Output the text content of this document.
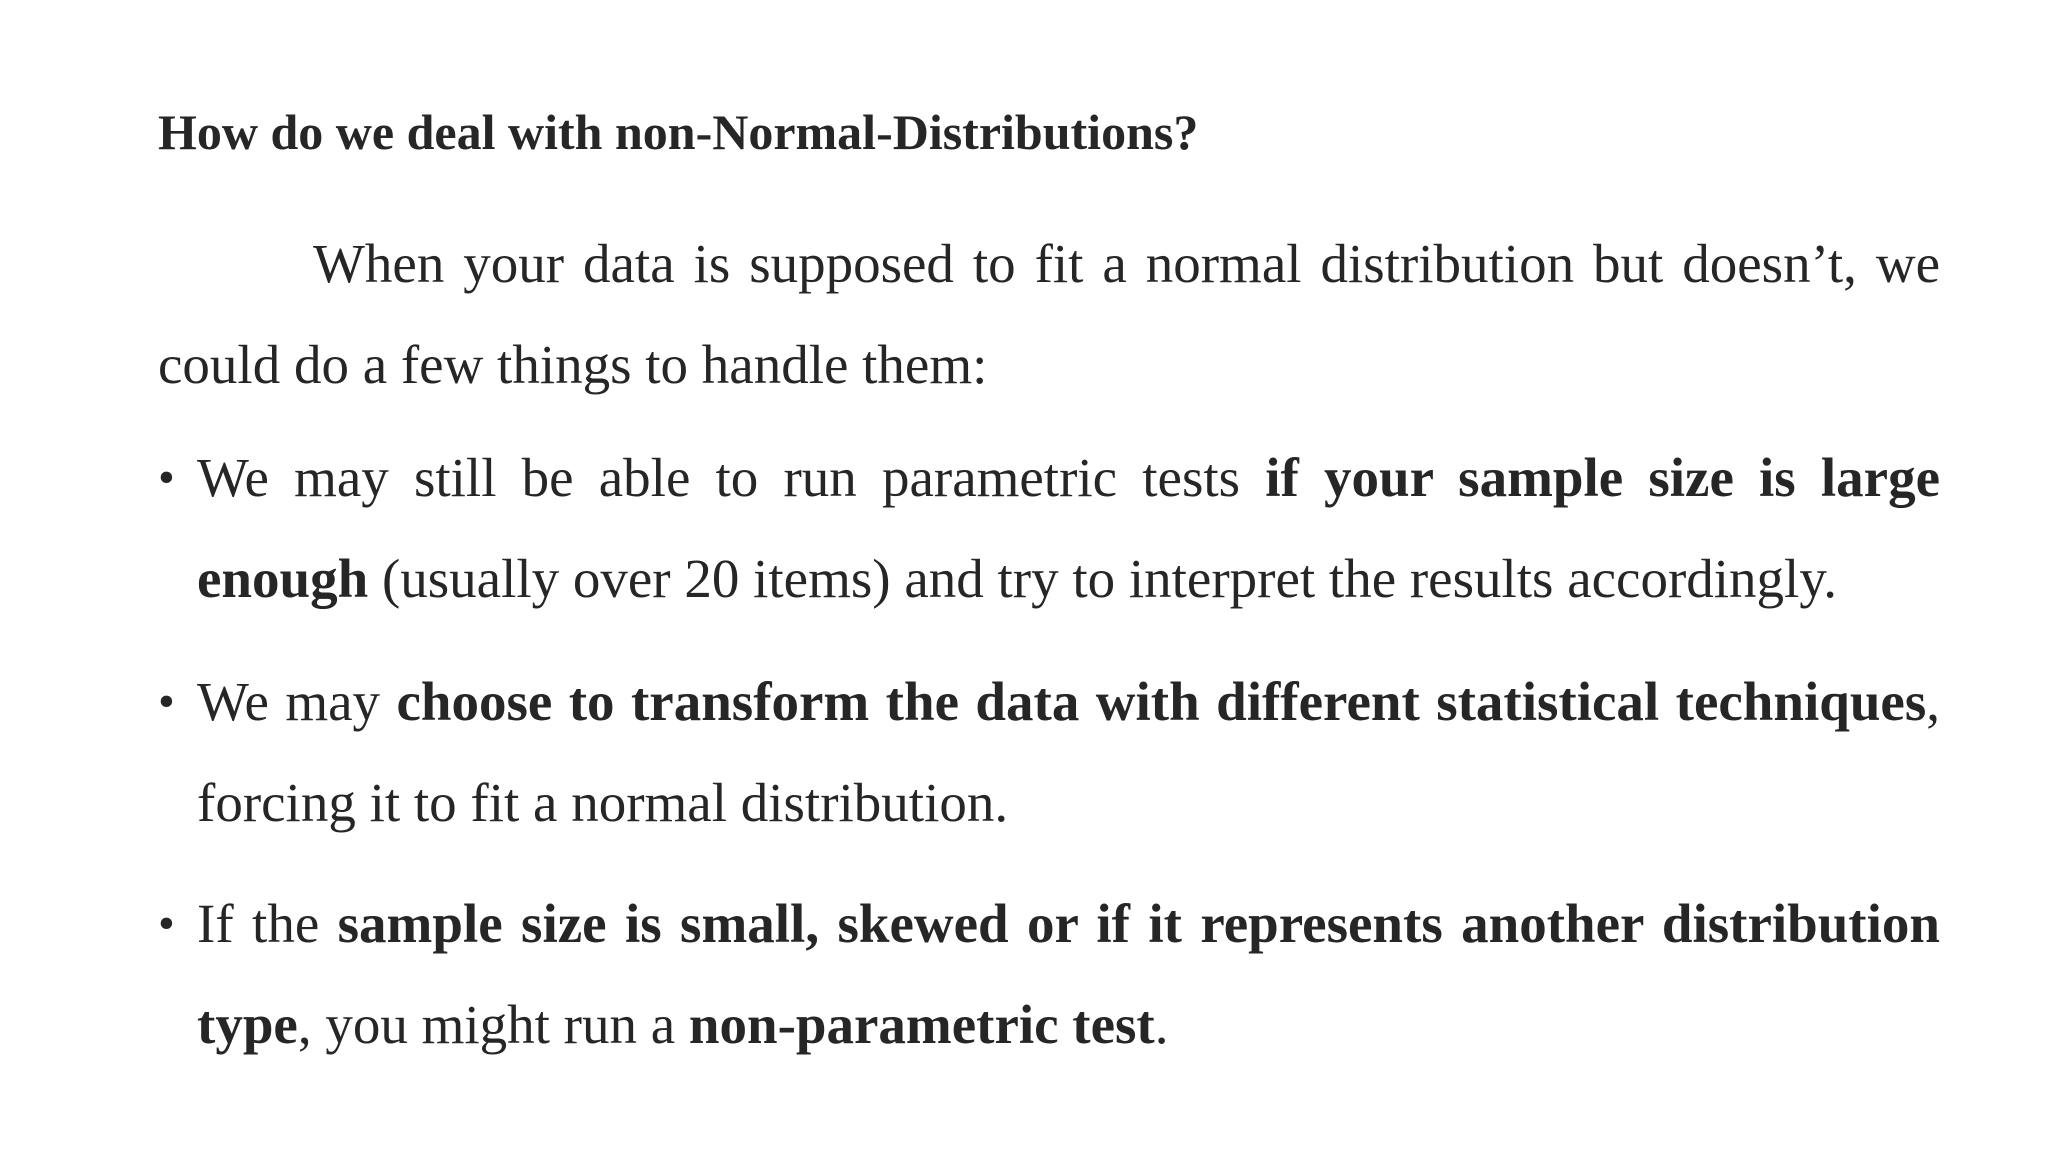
How do we deal with non-Normal-Distributions?

When your data is supposed to fit a normal distribution but doesn’t, we could do a few things to handle them:

• We may still be able to run parametric tests if your sample size is large enough (usually over 20 items) and try to interpret the results accordingly.
• We may choose to transform the data with different statistical techniques, forcing it to fit a normal distribution.
• If the sample size is small, skewed or if it represents another distribution type, you might run a non-parametric test.
